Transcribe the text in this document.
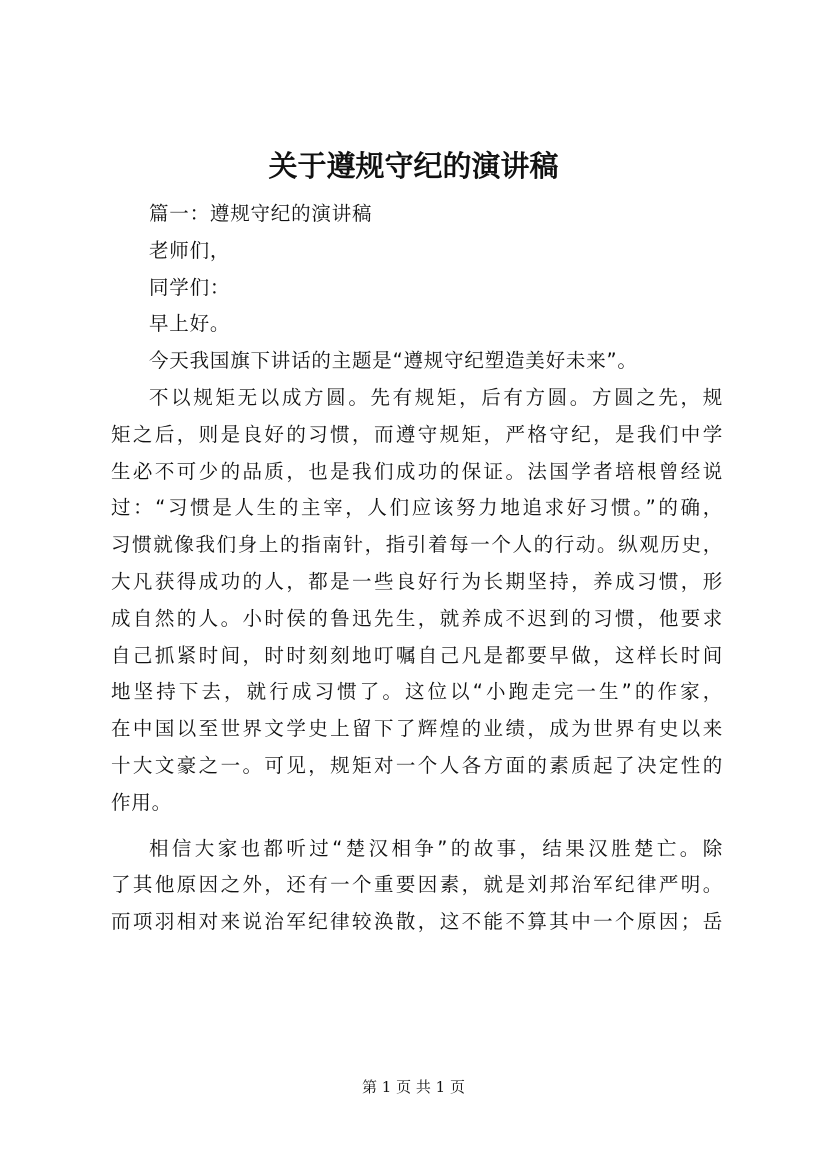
关于遵规守纪的演讲稿

篇一：遵规守纪的演讲稿

老师们，

同学们：

早上好。

今天我国旗下讲话的主题是“遵规守纪塑造美好未来”。

不以规矩无以成方圆。先有规矩，后有方圆。方圆之先，规

矩之后，则是良好的习惯，而遵守规矩，严格守纪，是我们中学

生必不可少的品质，也是我们成功的保证。法国学者培根曾经说

过：“习惯是人生的主宰，人们应该努力地追求好习惯。”的确，

习惯就像我们身上的指南针，指引着每一个人的行动。纵观历史，

大凡获得成功的人，都是一些良好行为长期坚持，养成习惯，形

成自然的人。小时侯的鲁迅先生，就养成不迟到的习惯，他要求

自己抓紧时间，时时刻刻地叮嘱自己凡是都要早做，这样长时间

地坚持下去，就行成习惯了。这位以“小跑走完一生”的作家，

在中国以至世界文学史上留下了辉煌的业绩，成为世界有史以来

十大文豪之一。可见，规矩对一个人各方面的素质起了决定性的

作用。

相信大家也都听过“楚汉相争”的故事，结果汉胜楚亡。除

了其他原因之外，还有一个重要因素，就是刘邦治军纪律严明。

而项羽相对来说治军纪律较涣散，这不能不算其中一个原因；岳

第 1 页 共 1 页
